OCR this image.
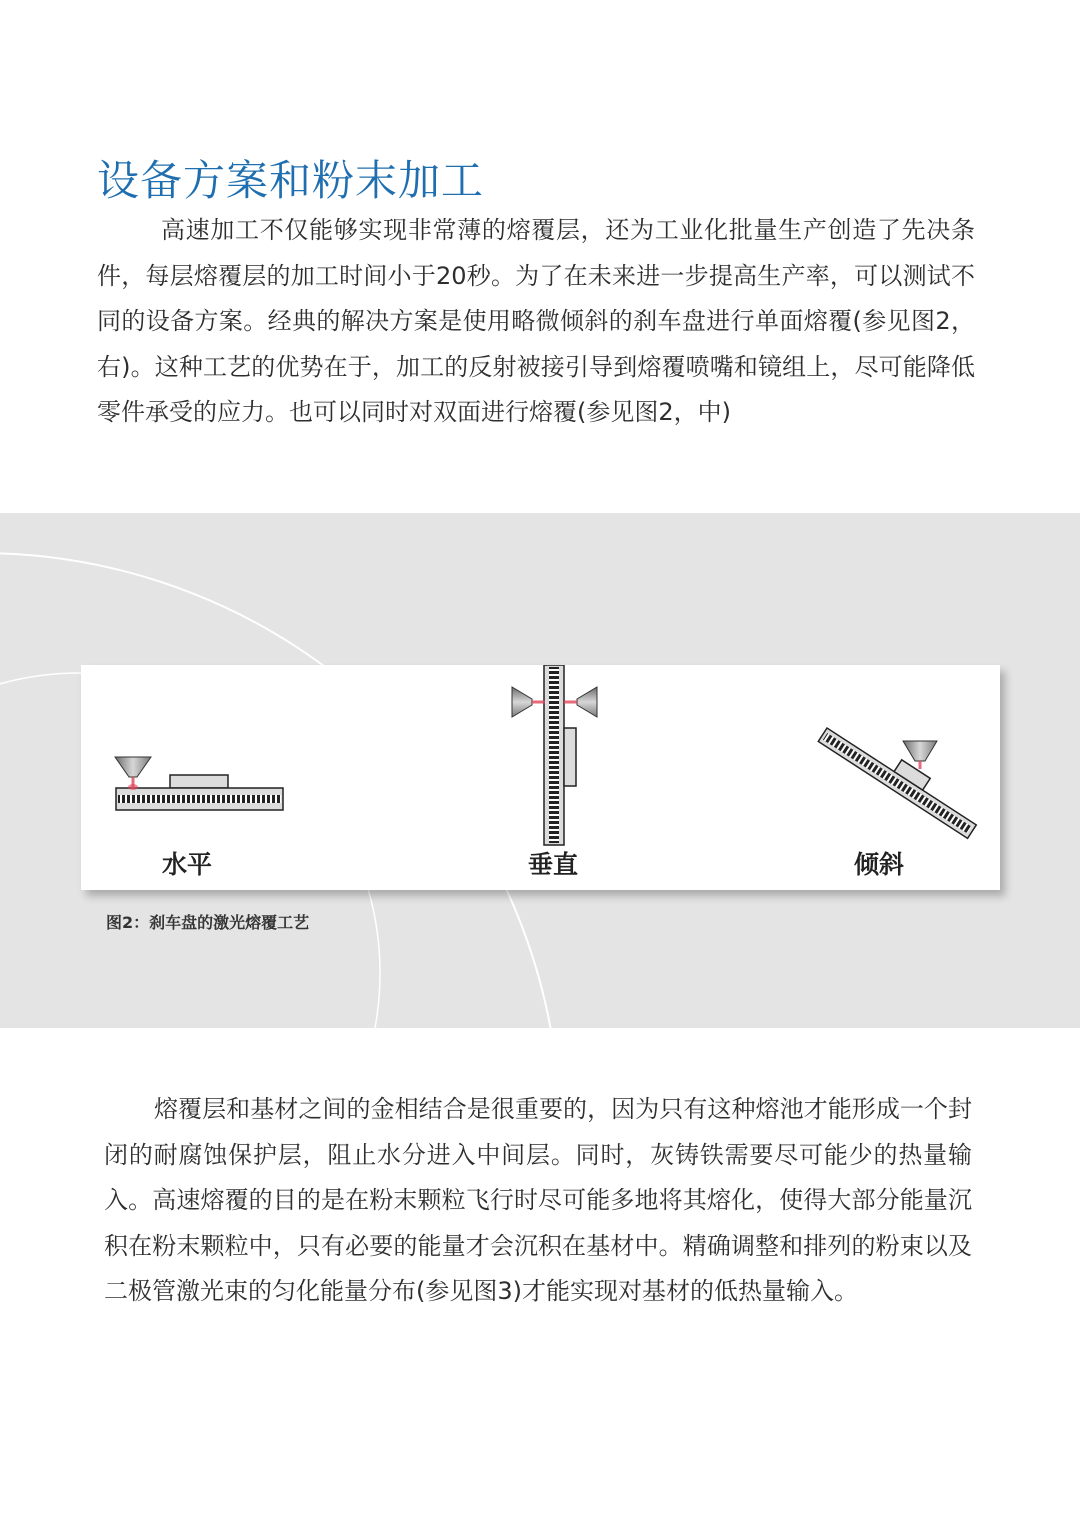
设备方案和粉末加工

高速加工不仅能够实现非常薄的熔覆层，还为工业化批量生产创造了先决条件，每层熔覆层的加工时间小于20秒。为了在未来进一步提高生产率，可以测试不同的设备方案。经典的解决方案是使用略微倾斜的刹车盘进行单面熔覆(参见图2，右)。这种工艺的优势在于，加工的反射被接引导到熔覆喷嘴和镜组上，尽可能降低零件承受的应力。也可以同时对双面进行熔覆(参见图2，中)

水平	垂直	倾斜

图2：刹车盘的激光熔覆工艺

熔覆层和基材之间的金相结合是很重要的，因为只有这种熔池才能形成一个封闭的耐腐蚀保护层，阻止水分进入中间层。同时，灰铸铁需要尽可能少的热量输入。高速熔覆的目的是在粉末颗粒飞行时尽可能多地将其熔化，使得大部分能量沉积在粉末颗粒中，只有必要的能量才会沉积在基材中。精确调整和排列的粉束以及二极管激光束的匀化能量分布(参见图3)才能实现对基材的低热量输入。
